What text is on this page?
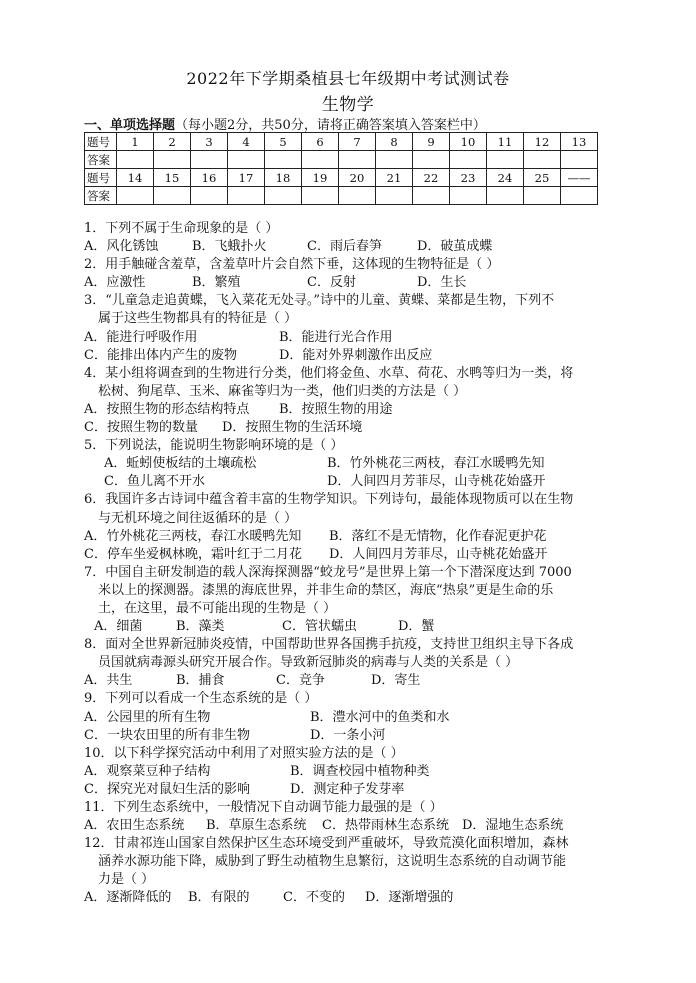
2022年下学期桑植县七年级期中考试测试卷
生物学
一、单项选择题（每小题2分，共50分，请将正确答案填入答案栏中）
题号	1	2	3	4	5	6	7	8	9	10	11	12	13
答案													
题号	14	15	16	17	18	19	20	21	22	23	24	25	——
答案													
1．下列不属于生命现象的是（ ）
A．风化锈蚀	B．飞蛾扑火	C．雨后春笋	D．破茧成蝶
2．用手触碰含羞草，含羞草叶片会自然下垂，这体现的生物特征是（ ）
A．应激性	B．繁殖	C．反射	D．生长
3．“儿童急走追黄蝶，飞入菜花无处寻。”诗中的儿童、黄蝶、菜都是生物，下列不
属于这些生物都具有的特征是（ ）
A．能进行呼吸作用	B．能进行光合作用
C．能排出体内产生的废物	D．能对外界刺激作出反应
4．某小组将调查到的生物进行分类，他们将金鱼、水草、荷花、水鸭等归为一类，将
松树、狗尾草、玉米、麻雀等归为一类，他们归类的方法是（ ）
A．按照生物的形态结构特点 B．按照生物的用途
C．按照生物的数量 D．按照生物的生活环境
5．下列说法，能说明生物影响环境的是（ ）
A．蚯蚓使板结的土壤疏松	B．竹外桃花三两枝，春江水暖鸭先知
C．鱼儿离不开水	D．人间四月芳菲尽，山寺桃花始盛开
6．我国许多古诗词中蕴含着丰富的生物学知识。下列诗句，最能体现物质可以在生物
与无机环境之间往返循环的是（ ）
A．竹外桃花三两枝，春江水暖鸭先知 B．落红不是无情物，化作春泥更护花
C．停车坐爱枫林晚，霜叶红于二月花 D．人间四月芳菲尽，山寺桃花始盛开
7．中国自主研发制造的载人深海探测器“蛟龙号”是世界上第一个下潜深度达到 7000
米以上的探测器。漆黑的海底世界，并非生命的禁区，海底“热泉”更是生命的乐
土，在这里，最不可能出现的生物是（ ）
A．细菌	B．藻类	C．管状蠕虫	D．蟹
8．面对全世界新冠肺炎疫情，中国帮助世界各国携手抗疫，支持世卫组织主导下各成
员国就病毒源头研究开展合作。导致新冠肺炎的病毒与人类的关系是（ ）
A．共生	B．捕食	C．竞争	D．寄生
9．下列可以看成一个生态系统的是（ ）
A．公园里的所有生物	B．澧水河中的鱼类和水
C．一块农田里的所有非生物	D．一条小河
10．以下科学探究活动中利用了对照实验方法的是（ ）
A．观察菜豆种子结构	B．调查校园中植物种类
C．探究光对鼠妇生活的影响	D．测定种子发芽率
11．下列生态系统中，一般情况下自动调节能力最强的是（ ）
A．农田生态系统 B．草原生态系统 C．热带雨林生态系统 D．湿地生态系统
12．甘肃祁连山国家自然保护区生态环境受到严重破坏，导致荒漠化面积增加，森林
涵养水源功能下降，威胁到了野生动植物生息繁衍，这说明生态系统的自动调节能
力是（ ）
A．逐渐降低的 B．有限的	C．不变的 D．逐渐增强的
